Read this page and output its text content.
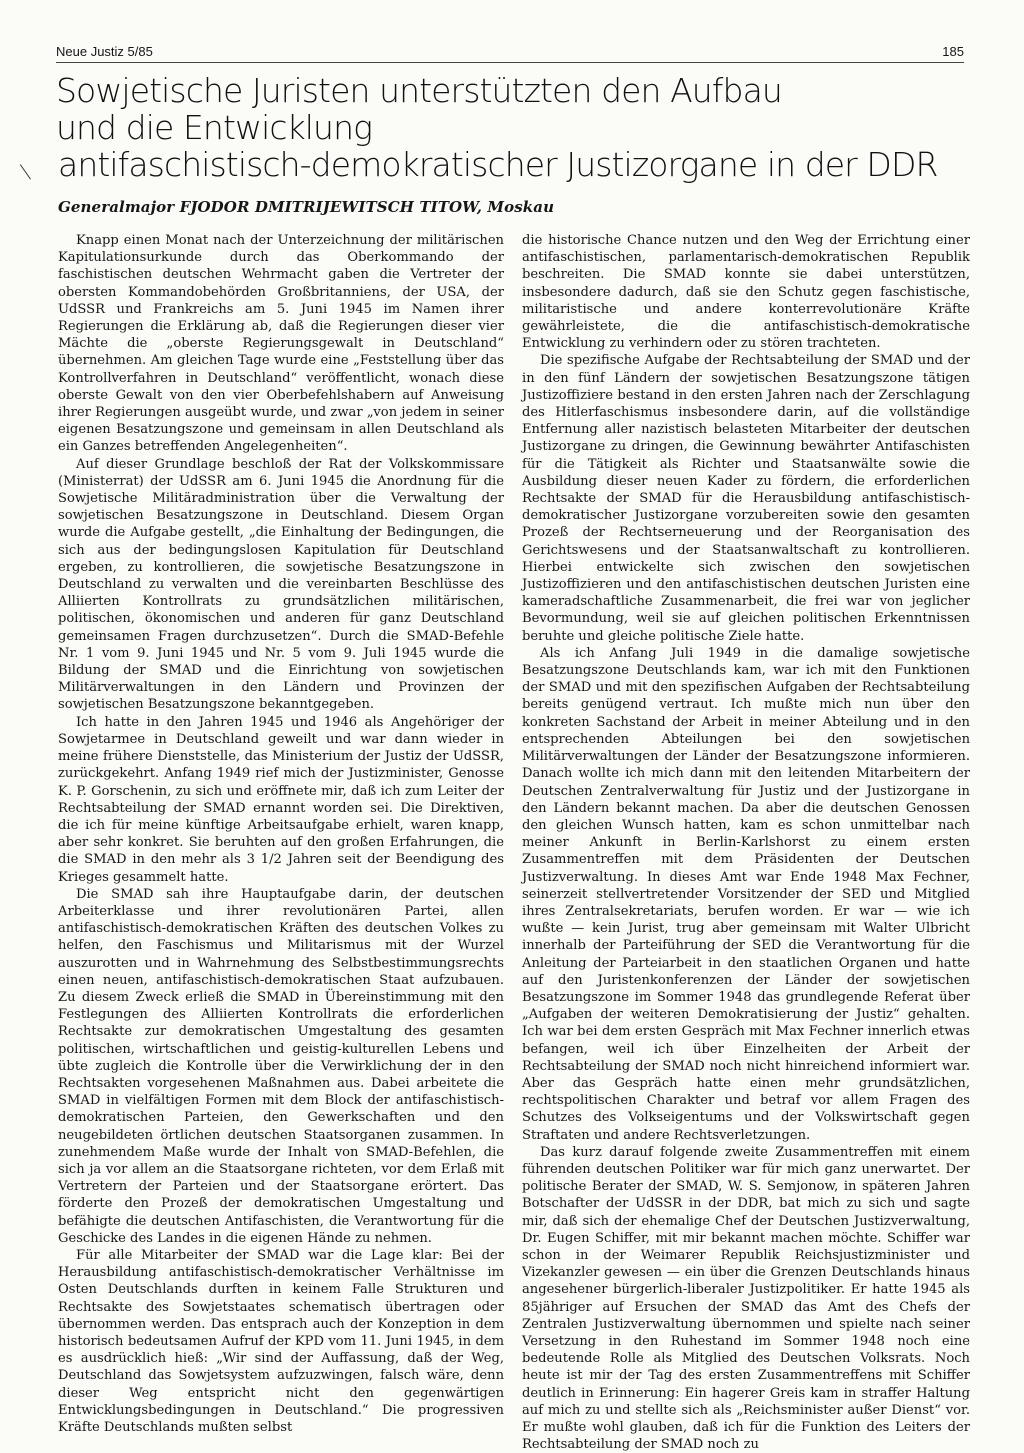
Neue Justiz 5/85	185
Sowjetische Juristen unterstützten den Aufbau
und die Entwicklung
antifaschistisch-demokratischer Justizorgane in der DDR
Generalmajor FJODOR DMITRIJEWITSCH TITOW, Moskau

Knapp einen Monat nach der Unterzeichnung der militärischen Kapitulationsurkunde durch das Oberkommando der faschistischen deutschen Wehrmacht gaben die Vertreter der obersten Kommandobehörden Großbritanniens, der USA, der UdSSR und Frankreichs am 5. Juni 1945 im Namen ihrer Regierungen die Erklärung ab, daß die Regierungen dieser vier Mächte die „oberste Regierungsgewalt in Deutschland“ übernehmen. Am gleichen Tage wurde eine „Feststellung über das Kontrollverfahren in Deutschland“ veröffentlicht, wonach diese oberste Gewalt von den vier Oberbefehlshabern auf Anweisung ihrer Regierungen ausgeübt wurde, und zwar „von jedem in seiner eigenen Besatzungszone und gemeinsam in allen Deutschland als ein Ganzes betreffenden Angelegenheiten“.

Auf dieser Grundlage beschloß der Rat der Volkskommissare (Ministerrat) der UdSSR am 6. Juni 1945 die Anordnung für die Sowjetische Militäradministration über die Verwaltung der sowjetischen Besatzungszone in Deutschland. Diesem Organ wurde die Aufgabe gestellt, „die Einhaltung der Bedingungen, die sich aus der bedingungslosen Kapitulation für Deutschland ergeben, zu kontrollieren, die sowjetische Besatzungszone in Deutschland zu verwalten und die vereinbarten Beschlüsse des Alliierten Kontrollrats zu grundsätzlichen militärischen, politischen, ökonomischen und anderen für ganz Deutschland gemeinsamen Fragen durchzusetzen“. Durch die SMAD-Befehle Nr. 1 vom 9. Juni 1945 und Nr. 5 vom 9. Juli 1945 wurde die Bildung der SMAD und die Einrichtung von sowjetischen Militärverwaltungen in den Ländern und Provinzen der sowjetischen Besatzungszone bekanntgegeben.

Ich hatte in den Jahren 1945 und 1946 als Angehöriger der Sowjetarmee in Deutschland geweilt und war dann wieder in meine frühere Dienststelle, das Ministerium der Justiz der UdSSR, zurückgekehrt. Anfang 1949 rief mich der Justizminister, Genosse K. P. Gorschenin, zu sich und eröffnete mir, daß ich zum Leiter der Rechtsabteilung der SMAD ernannt worden sei. Die Direktiven, die ich für meine künftige Arbeitsaufgabe erhielt, waren knapp, aber sehr konkret. Sie beruhten auf den großen Erfahrungen, die die SMAD in den mehr als 3 1/2 Jahren seit der Beendigung des Krieges gesammelt hatte.

Die SMAD sah ihre Hauptaufgabe darin, der deutschen Arbeiterklasse und ihrer revolutionären Partei, allen antifaschistisch-demokratischen Kräften des deutschen Volkes zu helfen, den Faschismus und Militarismus mit der Wurzel auszurotten und in Wahrnehmung des Selbstbestimmungsrechts einen neuen, antifaschistisch-demokratischen Staat aufzubauen. Zu diesem Zweck erließ die SMAD in Übereinstimmung mit den Festlegungen des Alliierten Kontrollrats die erforderlichen Rechtsakte zur demokratischen Umgestaltung des gesamten politischen, wirtschaftlichen und geistig-kulturellen Lebens und übte zugleich die Kontrolle über die Verwirklichung der in den Rechtsakten vorgesehenen Maßnahmen aus. Dabei arbeitete die SMAD in vielfältigen Formen mit dem Block der antifaschistisch-demokratischen Parteien, den Gewerkschaften und den neugebildeten örtlichen deutschen Staatsorganen zusammen. In zunehmendem Maße wurde der Inhalt von SMAD-Befehlen, die sich ja vor allem an die Staatsorgane richteten, vor dem Erlaß mit Vertretern der Parteien und der Staatsorgane erörtert. Das förderte den Prozeß der demokratischen Umgestaltung und befähigte die deutschen Antifaschisten, die Verantwortung für die Geschicke des Landes in die eigenen Hände zu nehmen.

Für alle Mitarbeiter der SMAD war die Lage klar: Bei der Herausbildung antifaschistisch-demokratischer Verhältnisse im Osten Deutschlands durften in keinem Falle Strukturen und Rechtsakte des Sowjetstaates schematisch übertragen oder übernommen werden. Das entsprach auch der Konzeption in dem historisch bedeutsamen Aufruf der KPD vom 11. Juni 1945, in dem es ausdrücklich hieß: „Wir sind der Auffassung, daß der Weg, Deutschland das Sowjetsystem aufzuzwingen, falsch wäre, denn dieser Weg entspricht nicht den gegenwärtigen Entwicklungsbedingungen in Deutschland.“ Die progressiven Kräfte Deutschlands mußten selbst

die historische Chance nutzen und den Weg der Errichtung einer antifaschistischen, parlamentarisch-demokratischen Republik beschreiten. Die SMAD konnte sie dabei unterstützen, insbesondere dadurch, daß sie den Schutz gegen faschistische, militaristische und andere konterrevolutionäre Kräfte gewährleistete, die die antifaschistisch-demokratische Entwicklung zu verhindern oder zu stören trachteten.

Die spezifische Aufgabe der Rechtsabteilung der SMAD und der in den fünf Ländern der sowjetischen Besatzungszone tätigen Justizoffiziere bestand in den ersten Jahren nach der Zerschlagung des Hitlerfaschismus insbesondere darin, auf die vollständige Entfernung aller nazistisch belasteten Mitarbeiter der deutschen Justizorgane zu dringen, die Gewinnung bewährter Antifaschisten für die Tätigkeit als Richter und Staatsanwälte sowie die Ausbildung dieser neuen Kader zu fördern, die erforderlichen Rechtsakte der SMAD für die Herausbildung antifaschistisch-demokratischer Justizorgane vorzubereiten sowie den gesamten Prozeß der Rechtserneuerung und der Reorganisation des Gerichtswesens und der Staatsanwaltschaft zu kontrollieren. Hierbei entwickelte sich zwischen den sowjetischen Justizoffizieren und den antifaschistischen deutschen Juristen eine kameradschaftliche Zusammenarbeit, die frei war von jeglicher Bevormundung, weil sie auf gleichen politischen Erkenntnissen beruhte und gleiche politische Ziele hatte.

Als ich Anfang Juli 1949 in die damalige sowjetische Besatzungszone Deutschlands kam, war ich mit den Funktionen der SMAD und mit den spezifischen Aufgaben der Rechtsabteilung bereits genügend vertraut. Ich mußte mich nun über den konkreten Sachstand der Arbeit in meiner Abteilung und in den entsprechenden Abteilungen bei den sowjetischen Militärverwaltungen der Länder der Besatzungszone informieren. Danach wollte ich mich dann mit den leitenden Mitarbeitern der Deutschen Zentralverwaltung für Justiz und der Justizorgane in den Ländern bekannt machen. Da aber die deutschen Genossen den gleichen Wunsch hatten, kam es schon unmittelbar nach meiner Ankunft in Berlin-Karlshorst zu einem ersten Zusammentreffen mit dem Präsidenten der Deutschen Justizverwaltung. In dieses Amt war Ende 1948 Max Fechner, seinerzeit stellvertretender Vorsitzender der SED und Mitglied ihres Zentralsekretariats, berufen worden. Er war — wie ich wußte — kein Jurist, trug aber gemeinsam mit Walter Ulbricht innerhalb der Parteiführung der SED die Verantwortung für die Anleitung der Parteiarbeit in den staatlichen Organen und hatte auf den Juristenkonferenzen der Länder der sowjetischen Besatzungszone im Sommer 1948 das grundlegende Referat über „Aufgaben der weiteren Demokratisierung der Justiz“ gehalten. Ich war bei dem ersten Gespräch mit Max Fechner innerlich etwas befangen, weil ich über Einzelheiten der Arbeit der Rechtsabteilung der SMAD noch nicht hinreichend informiert war. Aber das Gespräch hatte einen mehr grundsätzlichen, rechtspolitischen Charakter und betraf vor allem Fragen des Schutzes des Volkseigentums und der Volkswirtschaft gegen Straftaten und andere Rechtsverletzungen.

Das kurz darauf folgende zweite Zusammentreffen mit einem führenden deutschen Politiker war für mich ganz unerwartet. Der politische Berater der SMAD, W. S. Semjonow, in späteren Jahren Botschafter der UdSSR in der DDR, bat mich zu sich und sagte mir, daß sich der ehemalige Chef der Deutschen Justizverwaltung, Dr. Eugen Schiffer, mit mir bekannt machen möchte. Schiffer war schon in der Weimarer Republik Reichsjustizminister und Vizekanzler gewesen — ein über die Grenzen Deutschlands hinaus angesehener bürgerlich-liberaler Justizpolitiker. Er hatte 1945 als 85jähriger auf Ersuchen der SMAD das Amt des Chefs der Zentralen Justizverwaltung übernommen und spielte nach seiner Versetzung in den Ruhestand im Sommer 1948 noch eine bedeutende Rolle als Mitglied des Deutschen Volksrats. Noch heute ist mir der Tag des ersten Zusammentreffens mit Schiffer deutlich in Erinnerung: Ein hagerer Greis kam in straffer Haltung auf mich zu und stellte sich als „Reichsminister außer Dienst“ vor. Er mußte wohl glauben, daß ich für die Funktion des Leiters der Rechtsabteilung der SMAD noch zu
